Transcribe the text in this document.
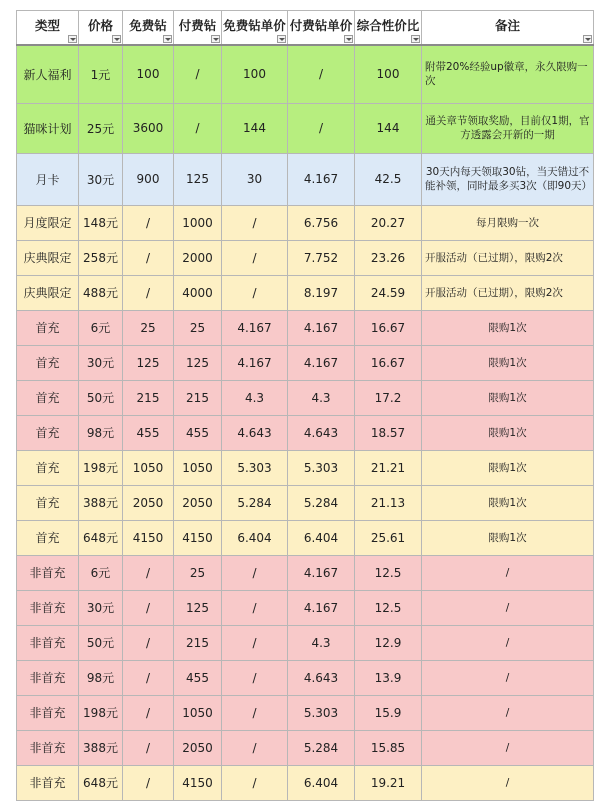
类型	价格	免费钻	付费钻	免费钻单价	付费钻单价	综合性价比	备注

新人福利	1元	100	/	100	/	100	附带20%经验up徽章，永久限购一次
猫咪计划	25元	3600	/	144	/	144	通关章节领取奖励，目前仅1期，官方透露会开新的一期
月卡	30元	900	125	30	4.167	42.5	30天内每天领取30钻，当天错过不能补领，同时最多买3次（即90天）
月度限定	148元	/	1000	/	6.756	20.27	每月限购一次
庆典限定	258元	/	2000	/	7.752	23.26	开服活动（已过期），限购2次
庆典限定	488元	/	4000	/	8.197	24.59	开服活动（已过期），限购2次
首充	6元	25	25	4.167	4.167	16.67	限购1次
首充	30元	125	125	4.167	4.167	16.67	限购1次
首充	50元	215	215	4.3	4.3	17.2	限购1次
首充	98元	455	455	4.643	4.643	18.57	限购1次
首充	198元	1050	1050	5.303	5.303	21.21	限购1次
首充	388元	2050	2050	5.284	5.284	21.13	限购1次
首充	648元	4150	4150	6.404	6.404	25.61	限购1次
非首充	6元	/	25	/	4.167	12.5	/
非首充	30元	/	125	/	4.167	12.5	/
非首充	50元	/	215	/	4.3	12.9	/
非首充	98元	/	455	/	4.643	13.9	/
非首充	198元	/	1050	/	5.303	15.9	/
非首充	388元	/	2050	/	5.284	15.85	/
非首充	648元	/	4150	/	6.404	19.21	/
